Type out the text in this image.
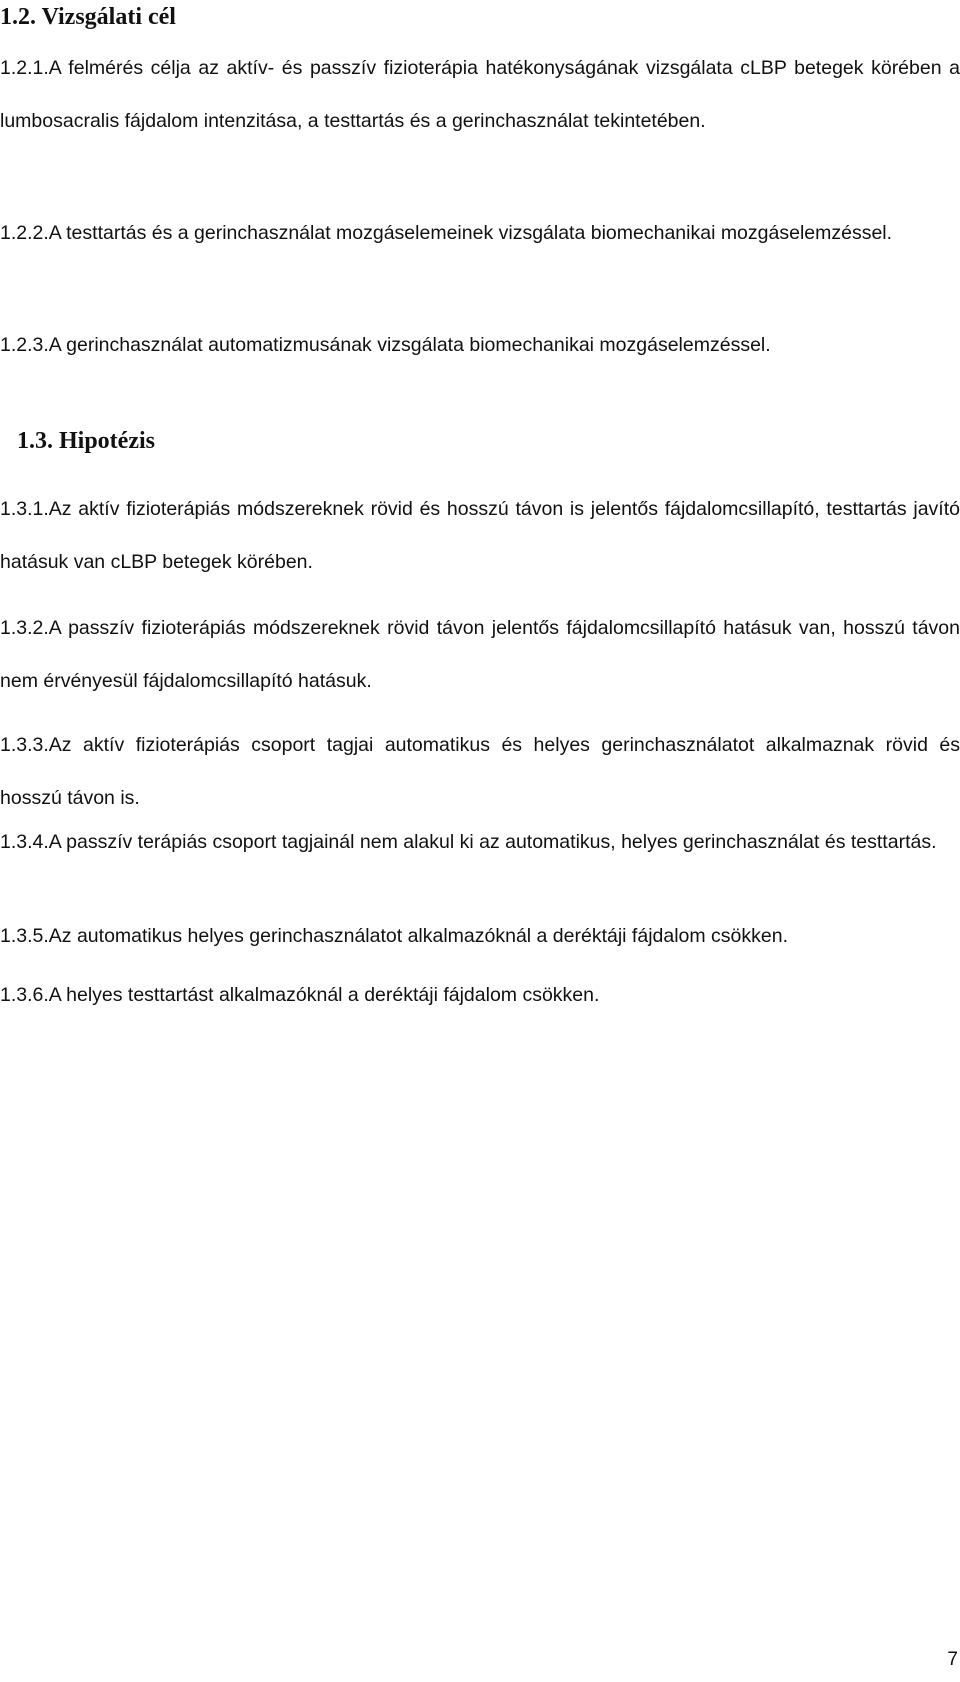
1.2. Vizsgálati cél

1.2.1.A felmérés célja az aktív- és passzív fizioterápia hatékonyságának vizsgálata cLBP betegek körében a lumbosacralis fájdalom intenzitása, a testtartás és a gerinchasználat tekintetében.

1.2.2.A testtartás és a gerinchasználat mozgáselemeinek vizsgálata biomechanikai mozgáselemzéssel.

1.2.3.A gerinchasználat automatizmusának vizsgálata biomechanikai mozgáselemzéssel.

1.3. Hipotézis

1.3.1.Az aktív fizioterápiás módszereknek rövid és hosszú távon is jelentős fájdalomcsillapító, testtartás javító hatásuk van cLBP betegek körében.

1.3.2.A passzív fizioterápiás módszereknek rövid távon jelentős fájdalomcsillapító hatásuk van, hosszú távon nem érvényesül fájdalomcsillapító hatásuk.

1.3.3.Az aktív fizioterápiás csoport tagjai automatikus és helyes gerinchasználatot alkalmaznak rövid és hosszú távon is.

1.3.4.A passzív terápiás csoport tagjainál nem alakul ki az automatikus, helyes gerinchasználat és testtartás.

1.3.5.Az automatikus helyes gerinchasználatot alkalmazóknál a deréktáji fájdalom csökken.

1.3.6.A helyes testtartást alkalmazóknál a deréktáji fájdalom csökken.

7
